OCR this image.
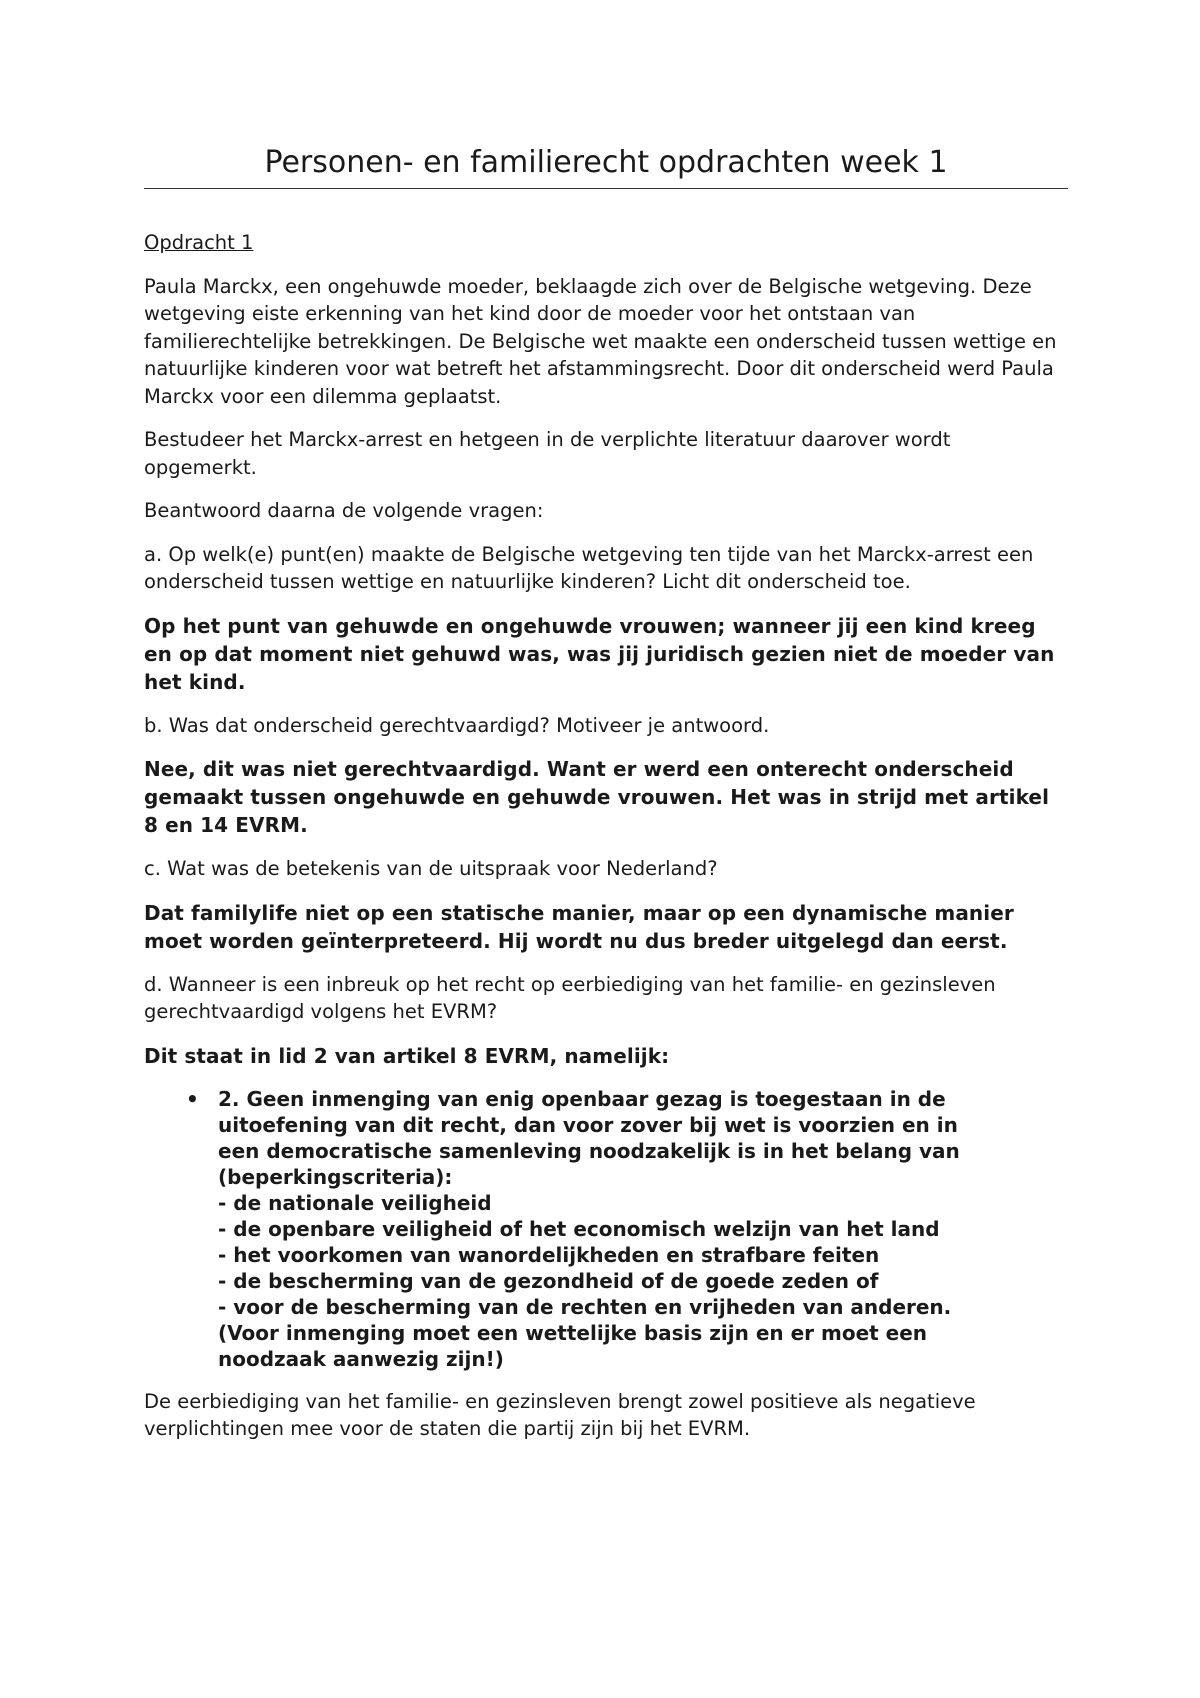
Personen- en familierecht opdrachten week 1

Opdracht 1

Paula Marckx, een ongehuwde moeder, beklaagde zich over de Belgische wetgeving. Deze wetgeving eiste erkenning van het kind door de moeder voor het ontstaan van familierechtelijke betrekkingen. De Belgische wet maakte een onderscheid tussen wettige en natuurlijke kinderen voor wat betreft het afstammingsrecht. Door dit onderscheid werd Paula Marckx voor een dilemma geplaatst.

Bestudeer het Marckx-arrest en hetgeen in de verplichte literatuur daarover wordt opgemerkt.

Beantwoord daarna de volgende vragen:

a. Op welk(e) punt(en) maakte de Belgische wetgeving ten tijde van het Marckx-arrest een onderscheid tussen wettige en natuurlijke kinderen? Licht dit onderscheid toe.

Op het punt van gehuwde en ongehuwde vrouwen; wanneer jij een kind kreeg en op dat moment niet gehuwd was, was jij juridisch gezien niet de moeder van het kind.

b. Was dat onderscheid gerechtvaardigd? Motiveer je antwoord.

Nee, dit was niet gerechtvaardigd. Want er werd een onterecht onderscheid gemaakt tussen ongehuwde en gehuwde vrouwen. Het was in strijd met artikel 8 en 14 EVRM.

c. Wat was de betekenis van de uitspraak voor Nederland?

Dat familylife niet op een statische manier, maar op een dynamische manier moet worden geïnterpreteerd. Hij wordt nu dus breder uitgelegd dan eerst.

d. Wanneer is een inbreuk op het recht op eerbiediging van het familie- en gezinsleven gerechtvaardigd volgens het EVRM?

Dit staat in lid 2 van artikel 8 EVRM, namelijk:

• 2. Geen inmenging van enig openbaar gezag is toegestaan in de
uitoefening van dit recht, dan voor zover bij wet is voorzien en in
een democratische samenleving noodzakelijk is in het belang van
(beperkingscriteria):
- de nationale veiligheid
- de openbare veiligheid of het economisch welzijn van het land
- het voorkomen van wanordelijkheden en strafbare feiten
- de bescherming van de gezondheid of de goede zeden of
- voor de bescherming van de rechten en vrijheden van anderen.
(Voor inmenging moet een wettelijke basis zijn en er moet een
noodzaak aanwezig zijn!)

De eerbiediging van het familie- en gezinsleven brengt zowel positieve als negatieve verplichtingen mee voor de staten die partij zijn bij het EVRM.
